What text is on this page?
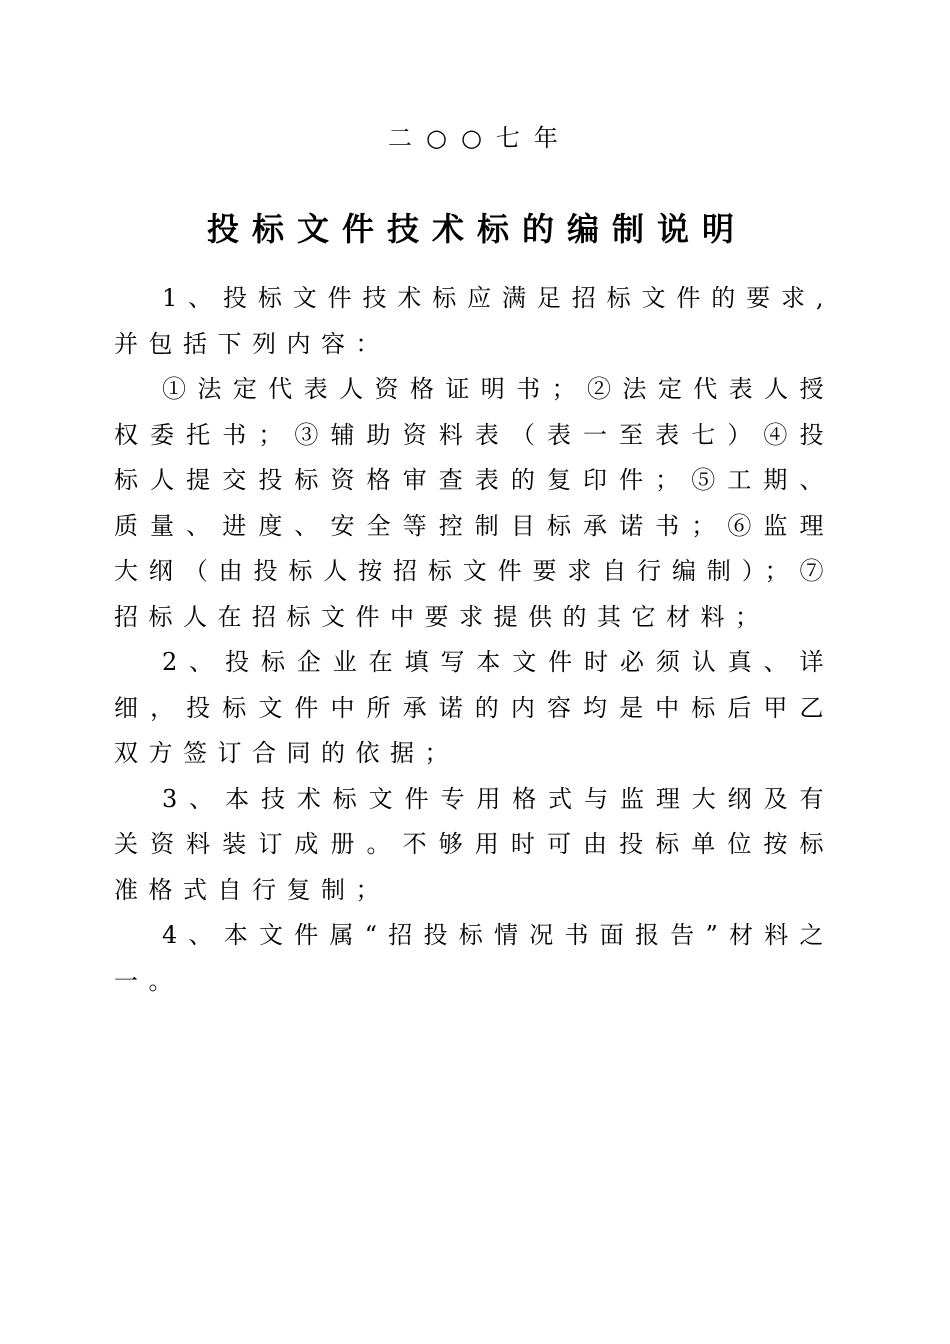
二○○七年
投标文件技术标的编制说明

1、投标文件技术标应满足招标文件的要求,并包括下列内容：

①法定代表人资格证明书；②法定代表人授权委托书；③辅助资料表（表一至表七）④投标人提交投标资格审查表的复印件；⑤工期、质量、进度、安全等控制目标承诺书；⑥监理大纲（由投标人按招标文件要求自行编制）；⑦招标人在招标文件中要求提供的其它材料；

2、投标企业在填写本文件时必须认真、详细，投标文件中所承诺的内容均是中标后甲乙双方签订合同的依据；

3、本技术标文件专用格式与监理大纲及有关资料装订成册。不够用时可由投标单位按标准格式自行复制；

4、本文件属“招投标情况书面报告”材料之一。
